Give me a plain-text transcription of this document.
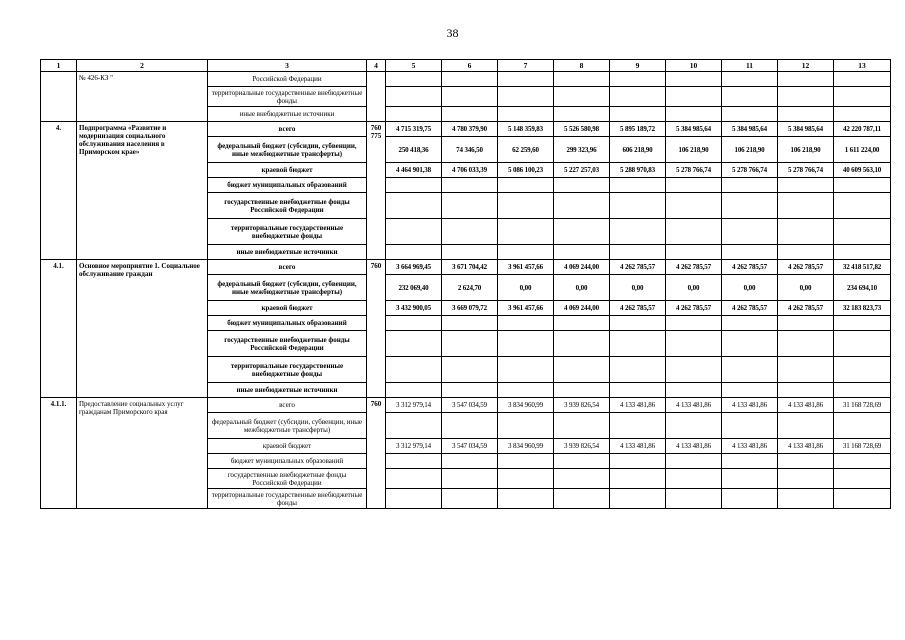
38
1	2	3	4	5	6	7	8	9	10	11	12	13
	№ 426-КЗ "	Российской Федерации										
		территориальные государственные внебюджетные фонды										
		иные внебюджетные источники										
4.	Подпрограмма «Развитие и модернизация социального обслуживания населения в Приморском крае»	всего	760 775	4 715 319,75	4 780 379,90	5 148 359,83	5 526 580,98	5 895 189,72	5 384 985,64	5 384 985,64	5 384 985,64	42 220 787,11
		федеральный бюджет (субсидии, субвенции, иные межбюджетные трансферты)		250 418,36	74 346,50	62 259,60	299 323,96	606 218,90	106 218,90	106 218,90	106 218,90	1 611 224,00
		краевой бюджет		4 464 901,38	4 706 033,39	5 086 100,23	5 227 257,03	5 288 970,83	5 278 766,74	5 278 766,74	5 278 766,74	40 609 563,10
		бюджет муниципальных образований										
		государственные внебюджетные фонды Российской Федерации										
		территориальные государственные внебюджетные фонды										
		иные внебюджетные источники										
4.1.	Основное мероприятие 1. Социальное обслуживание граждан	всего	760	3 664 969,45	3 671 704,42	3 961 457,66	4 069 244,00	4 262 785,57	4 262 785,57	4 262 785,57	4 262 785,57	32 418 517,82
		федеральный бюджет (субсидии, субвенции, иные межбюджетные трансферты)		232 069,40	2 624,70	0,00	0,00	0,00	0,00	0,00	0,00	234 694,10
		краевой бюджет		3 432 900,05	3 669 079,72	3 961 457,66	4 069 244,00	4 262 785,57	4 262 785,57	4 262 785,57	4 262 785,57	32 183 823,73
		бюджет муниципальных образований										
		государственные внебюджетные фонды Российской Федерации										
		территориальные государственные внебюджетные фонды										
		иные внебюджетные источники										
4.1.1.	Предоставление социальных услуг гражданам Приморского края	всего	760	3 312 979,14	3 547 034,59	3 834 960,99	3 939 826,54	4 133 481,86	4 133 481,86	4 133 481,86	4 133 481,86	31 168 728,69
		федеральный бюджет (субсидии, субвенции, иные межбюджетные трансферты)										
		краевой бюджет		3 312 979,14	3 547 034,59	3 834 960,99	3 939 826,54	4 133 481,86	4 133 481,86	4 133 481,86	4 133 481,86	31 168 728,69
		бюджет муниципальных образований										
		государственные внебюджетные фонды Российской Федерации										
		территориальные государственные внебюджетные фонды										
